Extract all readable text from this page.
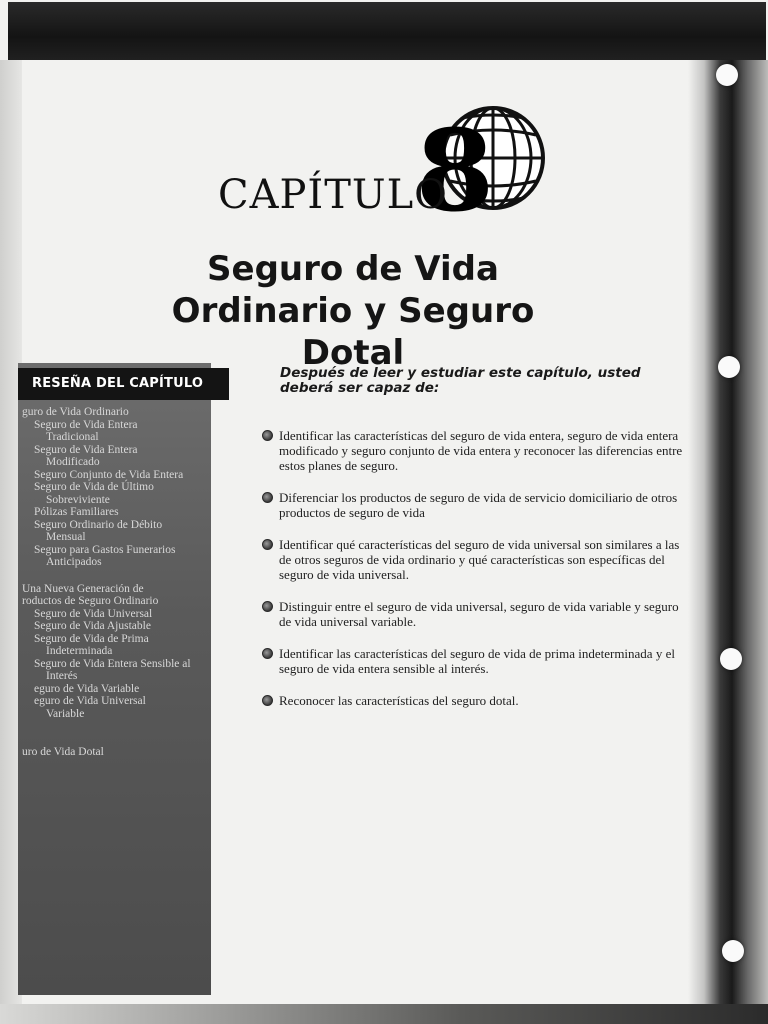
8
CAPÍTULO
Seguro de Vida Ordinario y Seguro Dotal
RESEÑA DEL CAPÍTULO
guro de Vida Ordinario
Seguro de Vida Entera
Tradicional
Seguro de Vida Entera
Modificado
Seguro Conjunto de Vida Entera
Seguro de Vida de Último
Sobreviviente
Pólizas Familiares
Seguro Ordinario de Débito
Mensual
Seguro para Gastos Funerarios
Anticipados
Una Nueva Generación de
roductos de Seguro Ordinario
Seguro de Vida Universal
Seguro de Vida Ajustable
Seguro de Vida de Prima
Indeterminada
Seguro de Vida Entera Sensible al
Interés
eguro de Vida Variable
eguro de Vida Universal
Variable
uro de Vida Dotal
Después de leer y estudiar este capítulo, usted deberá ser capaz de:
Identificar las características del seguro de vida entera, seguro de vida entera modificado y seguro conjunto de vida entera y reconocer las diferencias entre estos planes de seguro.
Diferenciar los productos de seguro de vida de servicio domiciliario de otros productos de seguro de vida
Identificar qué características del seguro de vida universal son similares a las de otros seguros de vida ordinario y qué características son específicas del seguro de vida universal.
Distinguir entre el seguro de vida universal, seguro de vida variable y seguro de vida universal variable.
Identificar las características del seguro de vida de prima indeterminada y el seguro de vida entera sensible al interés.
Reconocer las características del seguro dotal.
